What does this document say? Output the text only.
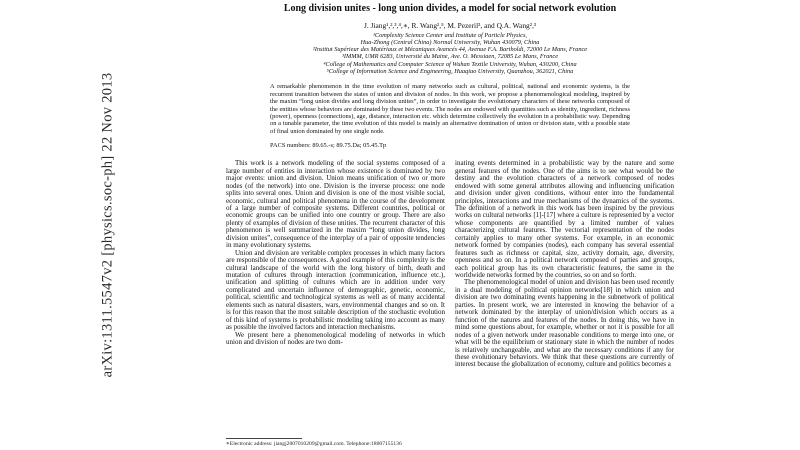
arXiv:1311.5547v2 [physics.soc-ph] 22 Nov 2013
Long division unites - long union divides, a model for social network evolution
J. Jiang¹,²,³,⁴,∗, R. Wang²,⁵, M. Pezeril³, and Q.A. Wang²,³
¹Complexity Science Center and Institute of Particle Physics,
Hua-Zhong (Central China) Normal University, Wuhan 430079, China
²Institut Supérieur des Matériaux et Mécaniques Avancés 44, Avenue F.A. Bartholdi, 72000 Le Mans, France
³IMMM, UMR 6283, Université du Maine, Ave. O. Messiaen, 72085 Le Mans, France
⁴College of Mathematics and Computer Science of Wuhan Textile University, Wuhan, 430200, China
⁵College of Information Science and Engineering, Huaqiao University, Quanzhou, 362021, China
A remarkable phenomenon in the time evolution of many networks such as cultural, political, national and economic systems, is the recurrent transition between the states of union and division of nodes. In this work, we propose a phenomenological modeling, inspired by the maxim “long union divides and long division unites”, in order to investigate the evolutionary characters of these networks composed of the entities whose behaviors are dominated by these two events. The nodes are endowed with quantities such as identity, ingredient, richness (power), openness (connections), age, distance, interaction etc. which determine collectively the evolution in a probabilistic way. Depending on a tunable parameter, the time evolution of this model is mainly an alternative domination of union or division state, with a possible state of final union dominated by one single node.
PACS numbers: 89.65.-s; 89.75.Da; 05.45.Tp

This work is a network modeling of the social systems composed of a large number of entities in interaction whose existence is dominated by two major events: union and division. Union means unification of two or more nodes (of the network) into one. Division is the inverse process: one node splits into several ones. Union and division is one of the most visible social, economic, cultural and political phenomena in the course of the development of a large number of composite systems. Different countries, political or economic groups can be unified into one country or group. There are also plenty of examples of division of these unities. The recurrent character of this phenomenon is well summarized in the maxim “long union divides, long division unites”, consequence of the interplay of a pair of opposite tendencies in many evolutionary systems.

Union and division are veritable complex processes in which many factors are responsible of the consequences. A good example of this complexity is the cultural landscape of the world with the long history of birth, death and mutation of cultures through interaction (communication, influence etc.), unification and splitting of cultures which are in addition under very complicated and uncertain influence of demographic, genetic, economic, political, scientific and technological systems as well as of many accidental elements such as natural disasters, wars, environmental changes and so on. It is for this reason that the most suitable description of the stochastic evolution of this kind of systems is probabilistic modeling taking into account as many as possible the involved factors and interaction mechanisms.

We present here a phenomenological modeling of networks in which union and division of nodes are two dom-

inating events determined in a probabilistic way by the nature and some general features of the nodes. One of the aims is to see what would be the destiny and the evolution characters of a network composed of nodes endowed with some general attributes allowing and influencing unification and division under given conditions, without enter into the fundamental principles, interactions and true mechanisms of the dynamics of the systems. The definition of a network in this work has been inspired by the previous works on cultural networks [1]-[17] where a culture is represented by a vector whose components are quantified by a limited number of values characterizing cultural features. The vectorial representation of the nodes certainly applies to many other systems. For example, in an economic network formed by companies (nodes), each company has several essential features such as richness or capital, size, activity domain, age, diversity, openness and so on. In a political network composed of parties and groups, each political group has its own characteristic features, the same in the worldwide networks formed by the countries, so on and so forth.

The phenomenological model of union and division has been used recently in a dual modeling of political opinion networks[18] in which union and division are two dominating events happening in the subnetwork of political parties. In present work, we are interested in knowing the behavior of a network dominated by the interplay of union/division which occurs as a function of the natures and features of the nodes. In doing this, we have in mind some questions about, for example, whether or not it is possible for all nodes of a given network under reasonable conditions to merge into one, or what will be the equilibrium or stationary state in which the number of nodes is relatively unchangeable, and what are the necessary conditions if any for these evolutionary behaviors. We think that these questions are currently of interest because the globalization of economy, culture and politics becomes a

∗Electronic address: jiangj2007010209@gmail.com. Telephone:18007155136
